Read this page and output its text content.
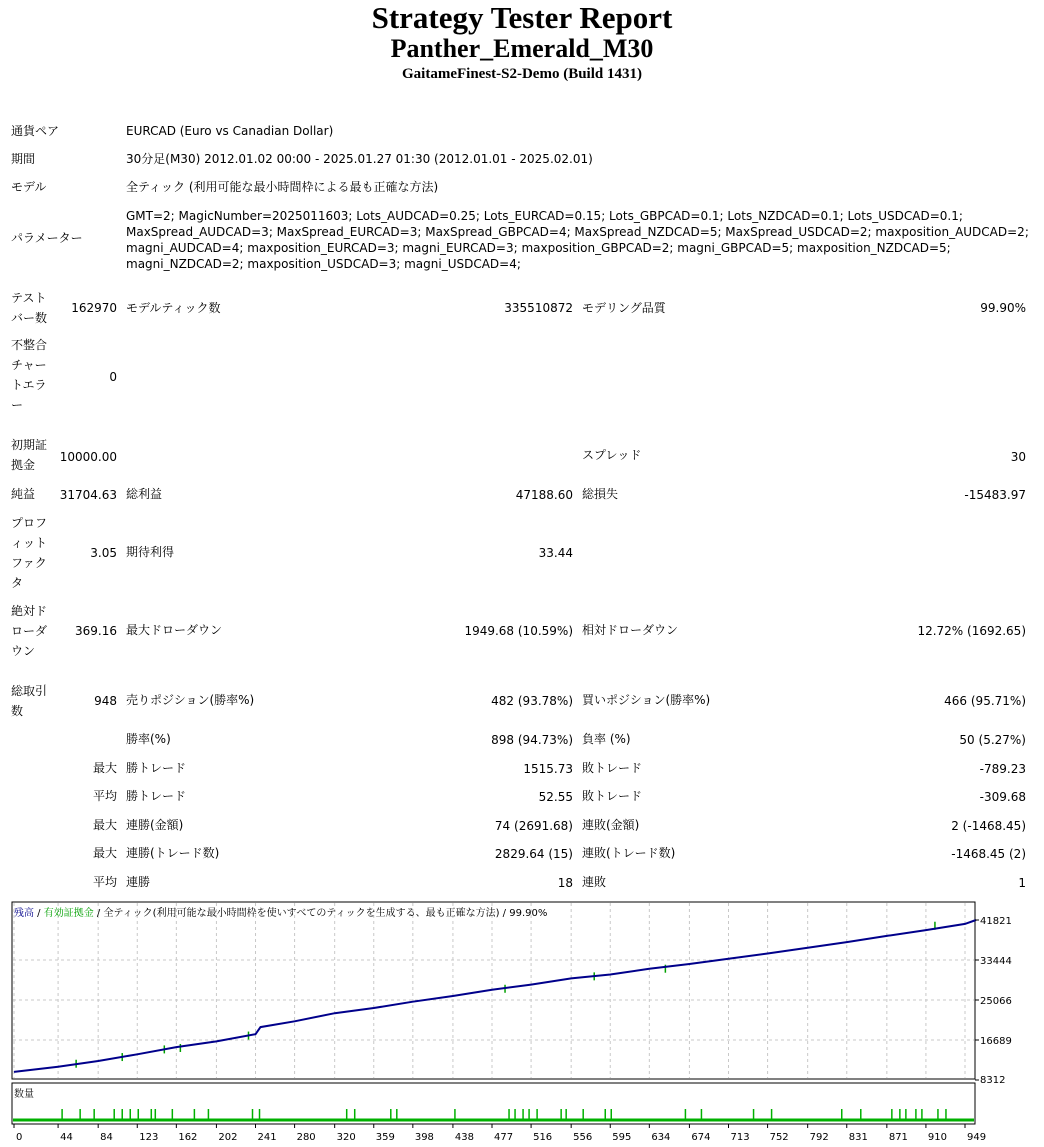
Strategy Tester Report
Panther_Emerald_M30
GaitameFinest-S2-Demo (Build 1431)
通貨ペア	EURCAD (Euro vs Canadian Dollar)
期間	30分足(M30) 2012.01.02 00:00 - 2025.01.27 01:30 (2012.01.01 - 2025.02.01)
モデル	全ティック (利用可能な最小時間枠による最も正確な方法)
パラメーター
GMT=2; MagicNumber=2025011603; Lots_AUDCAD=0.25; Lots_EURCAD=0.15; Lots_GBPCAD=0.1; Lots_NZDCAD=0.1; Lots_USDCAD=0.1; MaxSpread_AUDCAD=3; MaxSpread_EURCAD=3; MaxSpread_GBPCAD=4; MaxSpread_NZDCAD=5; MaxSpread_USDCAD=2; maxposition_AUDCAD=2; magni_AUDCAD=4; maxposition_EURCAD=3; magni_EURCAD=3; maxposition_GBPCAD=2; magni_GBPCAD=5; maxposition_NZDCAD=5; magni_NZDCAD=2; maxposition_USDCAD=3; magni_USDCAD=4;
テスト
バー数
162970 モデルティック数	335510872 モデリング品質	99.90%
不整合
チャー
トエラ
ー
0
初期証
拠金
10000.00	スプレッド	30
純益	31704.63 総利益	47188.60 総損失	-15483.97
プロフ
ィット
ファク
タ
3.05 期待利得	33.44
絶対ド
ローダ
ウン
369.16 最大ドローダウン	1949.68 (10.59%) 相対ドローダウン	12.72% (1692.65)
総取引
数
948 売りポジション(勝率%)	482 (93.78%) 買いポジション(勝率%)	466 (95.71%)
勝率(%)	898 (94.73%) 負率 (%)	50 (5.27%)
最大 勝トレード	1515.73 敗トレード	-789.23
平均 勝トレード	52.55 敗トレード	-309.68
最大 連勝(金額)	74 (2691.68) 連敗(金額)	2 (-1468.45)
最大 連勝(トレード数)	2829.64 (15) 連敗(トレード数)	-1468.45 (2)
平均 連勝	18 連敗	1
41821
33444
25066
16689
8312
0	44	84	123 162 202 241 280 320 359 398 438 477 516 556 595 634 674 713 752 792 831 871 910 949
残高 / 有効証拠金 / 全ティック(利用可能な最小時間枠を使いすべてのティックを生成する、最も正確な方法) / 99.90%
数量
